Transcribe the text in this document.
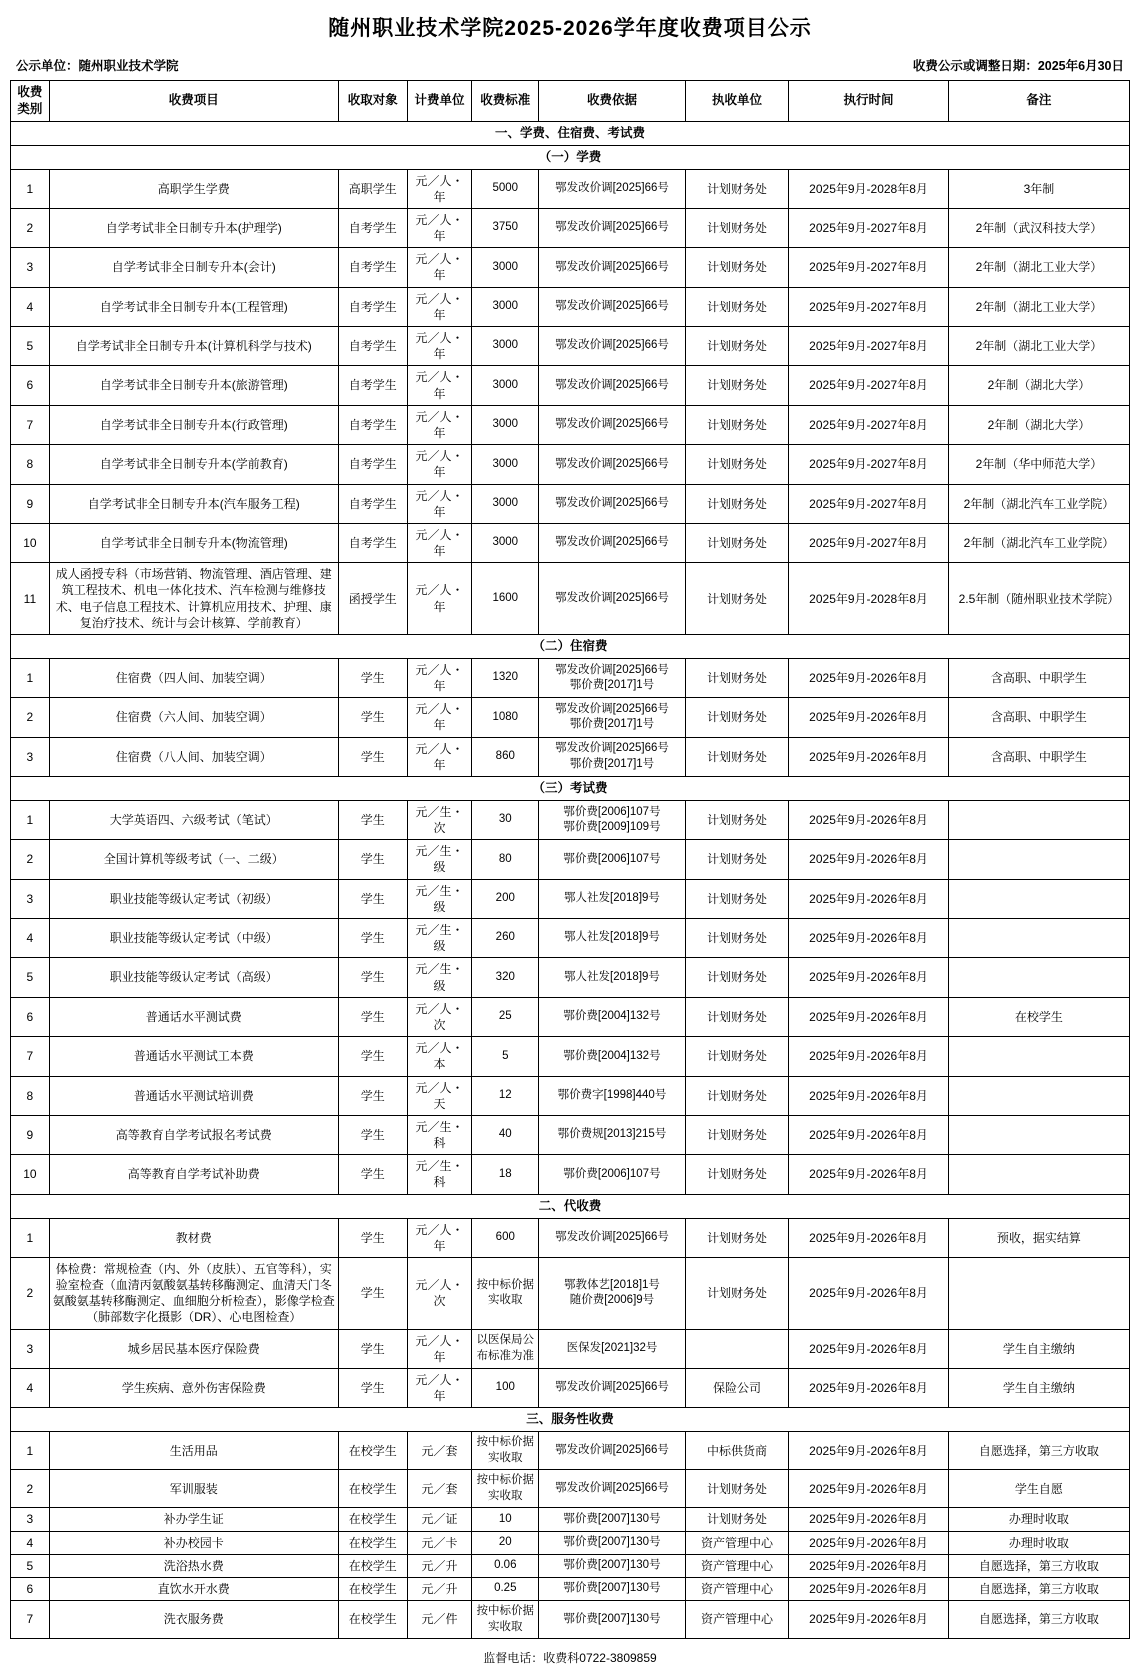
随州职业技术学院2025-2026学年度收费项目公示
公示单位：随州职业技术学院	收费公示或调整日期：2025年6月30日
收费类别	收费项目	收取对象	计费单位	收费标准	收费依据	执收单位	执行时间	备注
一、学费、住宿费、考试费								
（一）学费								
1	高职学生学费	高职学生	元／人・年	5000	鄂发改价调[2025]66号	计划财务处	2025年9月-2028年8月	3年制
2	自学考试非全日制专升本(护理学)	自考学生	元／人・年	3750	鄂发改价调[2025]66号	计划财务处	2025年9月-2027年8月	2年制（武汉科技大学）
3	自学考试非全日制专升本(会计)	自考学生	元／人・年	3000	鄂发改价调[2025]66号	计划财务处	2025年9月-2027年8月	2年制（湖北工业大学）
4	自学考试非全日制专升本(工程管理)	自考学生	元／人・年	3000	鄂发改价调[2025]66号	计划财务处	2025年9月-2027年8月	2年制（湖北工业大学）
5	自学考试非全日制专升本(计算机科学与技术)	自考学生	元／人・年	3000	鄂发改价调[2025]66号	计划财务处	2025年9月-2027年8月	2年制（湖北工业大学）
6	自学考试非全日制专升本(旅游管理)	自考学生	元／人・年	3000	鄂发改价调[2025]66号	计划财务处	2025年9月-2027年8月	2年制（湖北大学）
7	自学考试非全日制专升本(行政管理)	自考学生	元／人・年	3000	鄂发改价调[2025]66号	计划财务处	2025年9月-2027年8月	2年制（湖北大学）
8	自学考试非全日制专升本(学前教育)	自考学生	元／人・年	3000	鄂发改价调[2025]66号	计划财务处	2025年9月-2027年8月	2年制（华中师范大学）
9	自学考试非全日制专升本(汽车服务工程)	自考学生	元／人・年	3000	鄂发改价调[2025]66号	计划财务处	2025年9月-2027年8月	2年制（湖北汽车工业学院）
10	自学考试非全日制专升本(物流管理)	自考学生	元／人・年	3000	鄂发改价调[2025]66号	计划财务处	2025年9月-2027年8月	2年制（湖北汽车工业学院）
11	成人函授专科（市场营销、物流管理、酒店管理、建筑工程技术、机电一体化技术、汽车检测与维修技术、电子信息工程技术、计算机应用技术、护理、康复治疗技术、统计与会计核算、学前教育）	函授学生	元／人・年	1600	鄂发改价调[2025]66号	计划财务处	2025年9月-2028年8月	2.5年制（随州职业技术学院）
（二）住宿费								
1	住宿费（四人间、加装空调）	学生	元／人・年	1320	鄂发改价调[2025]66号
鄂价费[2017]1号	计划财务处	2025年9月-2026年8月	含高职、中职学生
2	住宿费（六人间、加装空调）	学生	元／人・年	1080	鄂发改价调[2025]66号
鄂价费[2017]1号	计划财务处	2025年9月-2026年8月	含高职、中职学生
3	住宿费（八人间、加装空调）	学生	元／人・年	860	鄂发改价调[2025]66号
鄂价费[2017]1号	计划财务处	2025年9月-2026年8月	含高职、中职学生
（三）考试费								
1	大学英语四、六级考试（笔试）	学生	元／生・次	30	鄂价费[2006]107号
鄂价费[2009]109号	计划财务处	2025年9月-2026年8月	
2	全国计算机等级考试（一、二级）	学生	元／生・级	80	鄂价费[2006]107号	计划财务处	2025年9月-2026年8月	
3	职业技能等级认定考试（初级）	学生	元／生・级	200	鄂人社发[2018]9号	计划财务处	2025年9月-2026年8月	
4	职业技能等级认定考试（中级）	学生	元／生・级	260	鄂人社发[2018]9号	计划财务处	2025年9月-2026年8月	
5	职业技能等级认定考试（高级）	学生	元／生・级	320	鄂人社发[2018]9号	计划财务处	2025年9月-2026年8月	
6	普通话水平测试费	学生	元／人・次	25	鄂价费[2004]132号	计划财务处	2025年9月-2026年8月	在校学生
7	普通话水平测试工本费	学生	元／人・本	5	鄂价费[2004]132号	计划财务处	2025年9月-2026年8月	
8	普通话水平测试培训费	学生	元／人・天	12	鄂价费字[1998]440号	计划财务处	2025年9月-2026年8月	
9	高等教育自学考试报名考试费	学生	元／生・科	40	鄂价费规[2013]215号	计划财务处	2025年9月-2026年8月	
10	高等教育自学考试补助费	学生	元／生・科	18	鄂价费[2006]107号	计划财务处	2025年9月-2026年8月	
二、代收费								
1	教材费	学生	元／人・年	600	鄂发改价调[2025]66号	计划财务处	2025年9月-2026年8月	预收，据实结算
2	体检费：常规检查（内、外（皮肤）、五官等科），实验室检查（血清丙氨酸氨基转移酶测定、血清天门冬氨酸氨基转移酶测定、血细胞分析检查），影像学检查（肺部数字化摄影（DR）、心电图检查）	学生	元／人・次	按中标价据实收取	鄂教体艺[2018]1号
随价费[2006]9号	计划财务处	2025年9月-2026年8月	
3	城乡居民基本医疗保险费	学生	元／人・年	以医保局公布标准为准	医保发[2021]32号		2025年9月-2026年8月	学生自主缴纳
4	学生疾病、意外伤害保险费	学生	元／人・年	100	鄂发改价调[2025]66号	保险公司	2025年9月-2026年8月	学生自主缴纳
三、服务性收费								
1	生活用品	在校学生	元／套	按中标价据实收取	鄂发改价调[2025]66号	中标供货商	2025年9月-2026年8月	自愿选择，第三方收取
2	军训服装	在校学生	元／套	按中标价据实收取	鄂发改价调[2025]66号	计划财务处	2025年9月-2026年8月	学生自愿
3	补办学生证	在校学生	元／证	10	鄂价费[2007]130号	计划财务处	2025年9月-2026年8月	办理时收取
4	补办校园卡	在校学生	元／卡	20	鄂价费[2007]130号	资产管理中心	2025年9月-2026年8月	办理时收取
5	洗浴热水费	在校学生	元／升	0.06	鄂价费[2007]130号	资产管理中心	2025年9月-2026年8月	自愿选择，第三方收取
6	直饮水开水费	在校学生	元／升	0.25	鄂价费[2007]130号	资产管理中心	2025年9月-2026年8月	自愿选择，第三方收取
7	洗衣服务费	在校学生	元／件	按中标价据实收取	鄂价费[2007]130号	资产管理中心	2025年9月-2026年8月	自愿选择，第三方收取
监督电话：收费科0722-3809859
